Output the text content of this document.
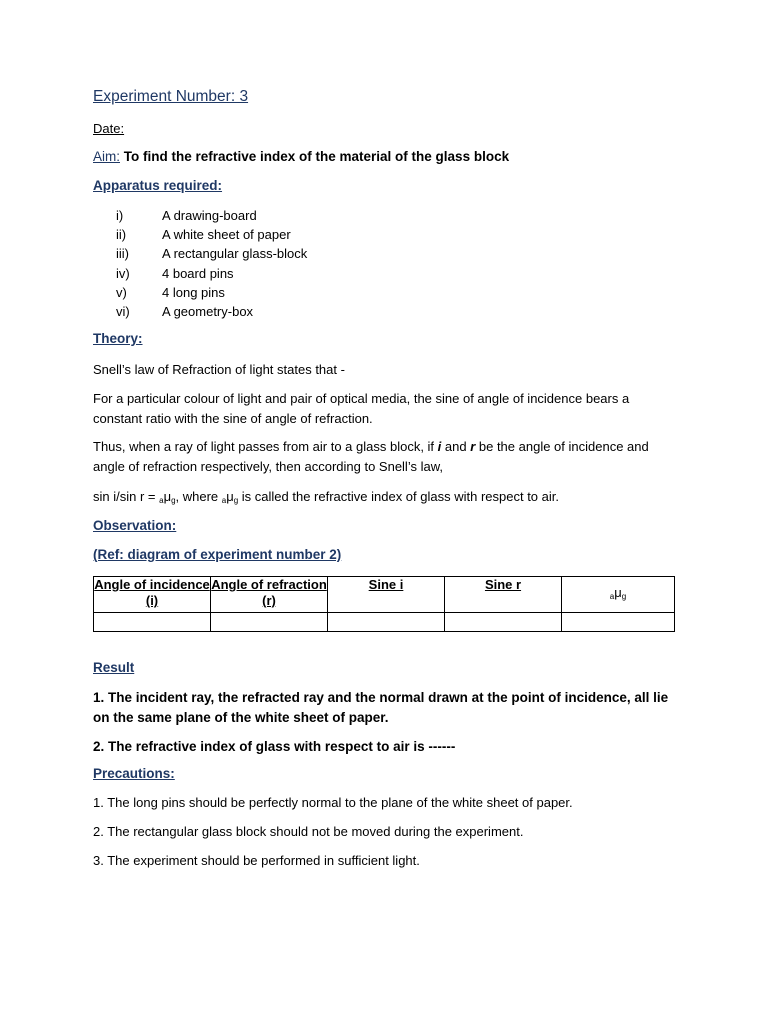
Experiment Number: 3
Date:
Aim: To find the refractive index of the material of the glass block
Apparatus required:
i)	A drawing-board
ii)	A white sheet of paper
iii)	A rectangular glass-block
iv)	4 board pins
v)	4 long pins
vi)	A geometry-box
Theory:
Snell’s law of Refraction of light states that -
For a particular colour of light and pair of optical media, the sine of angle of incidence bears a constant ratio with the sine of angle of refraction.
Thus, when a ray of light passes from air to a glass block, if i and r be the angle of incidence and angle of refraction respectively, then according to Snell’s law,
sin i/sin $r = _a\mu_g$, where $_a\mu_g$ is called the refractive index of glass with respect to air.
Observation:
(Ref: diagram of experiment number 2)
Angle of incidence (i)	Angle of refraction (r)	Sine i	Sine r	$_a\mu_g$

Result
1. The incident ray, the refracted ray and the normal drawn at the point of incidence, all lie on the same plane of the white sheet of paper.
2. The refractive index of glass with respect to air is ------
Precautions:
1. The long pins should be perfectly normal to the plane of the white sheet of paper.
2. The rectangular glass block should not be moved during the experiment.
3. The experiment should be performed in sufficient light.
